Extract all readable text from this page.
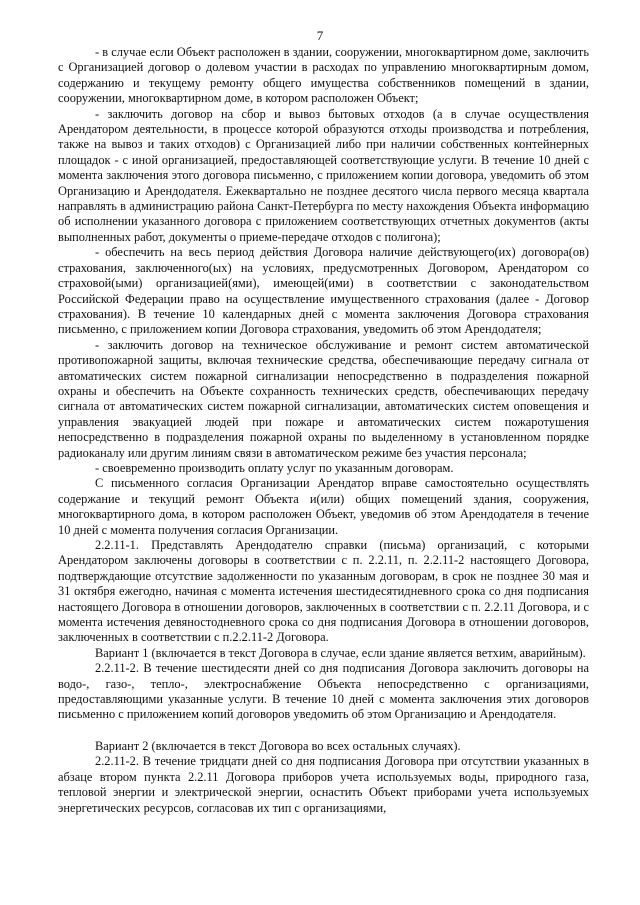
7

- в случае если Объект расположен в здании, сооружении, многоквартирном доме, заключить с Организацией договор о долевом участии в расходах по управлению многоквартирным домом, содержанию и текущему ремонту общего имущества собственников помещений в здании, сооружении, многоквартирном доме, в котором расположен Объект;

- заключить договор на сбор и вывоз бытовых отходов (а в случае осуществления Арендатором деятельности, в процессе которой образуются отходы производства и потребления, также на вывоз и таких отходов) с Организацией либо при наличии собственных контейнерных площадок - с иной организацией, предоставляющей соответствующие услуги. В течение 10 дней с момента заключения этого договора письменно, с приложением копии договора, уведомить об этом Организацию и Арендодателя. Ежеквартально не позднее десятого числа первого месяца квартала направлять в администрацию района Санкт-Петербурга по месту нахождения Объекта информацию об исполнении указанного договора с приложением соответствующих отчетных документов (акты выполненных работ, документы о приеме-передаче отходов с полигона);

- обеспечить на весь период действия Договора наличие действующего(их) договора(ов) страхования, заключенного(ых) на условиях, предусмотренных Договором, Арендатором со страховой(ыми) организацией(ями), имеющей(ими) в соответствии с законодательством Российской Федерации право на осуществление имущественного страхования (далее - Договор страхования). В течение 10 календарных дней с момента заключения Договора страхования письменно, с приложением копии Договора страхования, уведомить об этом Арендодателя;

- заключить договор на техническое обслуживание и ремонт систем автоматической противопожарной защиты, включая технические средства, обеспечивающие передачу сигнала от автоматических систем пожарной сигнализации непосредственно в подразделения пожарной охраны и обеспечить на Объекте сохранность технических средств, обеспечивающих передачу сигнала от автоматических систем пожарной сигнализации, автоматических систем оповещения и управления эвакуацией людей при пожаре и автоматических систем пожаротушения непосредственно в подразделения пожарной охраны по выделенному в установленном порядке радиоканалу или другим линиям связи в автоматическом режиме без участия персонала;

- своевременно производить оплату услуг по указанным договорам.

С письменного согласия Организации Арендатор вправе самостоятельно осуществлять содержание и текущий ремонт Объекта и(или) общих помещений здания, сооружения, многоквартирного дома, в котором расположен Объект, уведомив об этом Арендодателя в течение 10 дней с момента получения согласия Организации.

2.2.11-1. Представлять Арендодателю справки (письма) организаций, с которыми Арендатором заключены договоры в соответствии с п. 2.2.11, п. 2.2.11-2 настоящего Договора, подтверждающие отсутствие задолженности по указанным договорам, в срок не позднее 30 мая и 31 октября ежегодно, начиная с момента истечения шестидесятидневного срока со дня подписания настоящего Договора в отношении договоров, заключенных в соответствии с п. 2.2.11 Договора, и с момента истечения девяностодневного срока со дня подписания Договора в отношении договоров, заключенных в соответствии с п.2.2.11-2 Договора.

Вариант 1 (включается в текст Договора в случае, если здание является ветхим, аварийным).

2.2.11-2. В течение шестидесяти дней со дня подписания Договора заключить договоры на водо-, газо-, тепло-, электроснабжение Объекта непосредственно с организациями, предоставляющими указанные услуги. В течение 10 дней с момента заключения этих договоров письменно с приложением копий договоров уведомить об этом Организацию и Арендодателя.

Вариант 2 (включается в текст Договора во всех остальных случаях).

2.2.11-2. В течение тридцати дней со дня подписания Договора при отсутствии указанных в абзаце втором пункта 2.2.11 Договора приборов учета используемых воды, природного газа, тепловой энергии и электрической энергии, оснастить Объект приборами учета используемых энергетических ресурсов, согласовав их тип с организациями,
